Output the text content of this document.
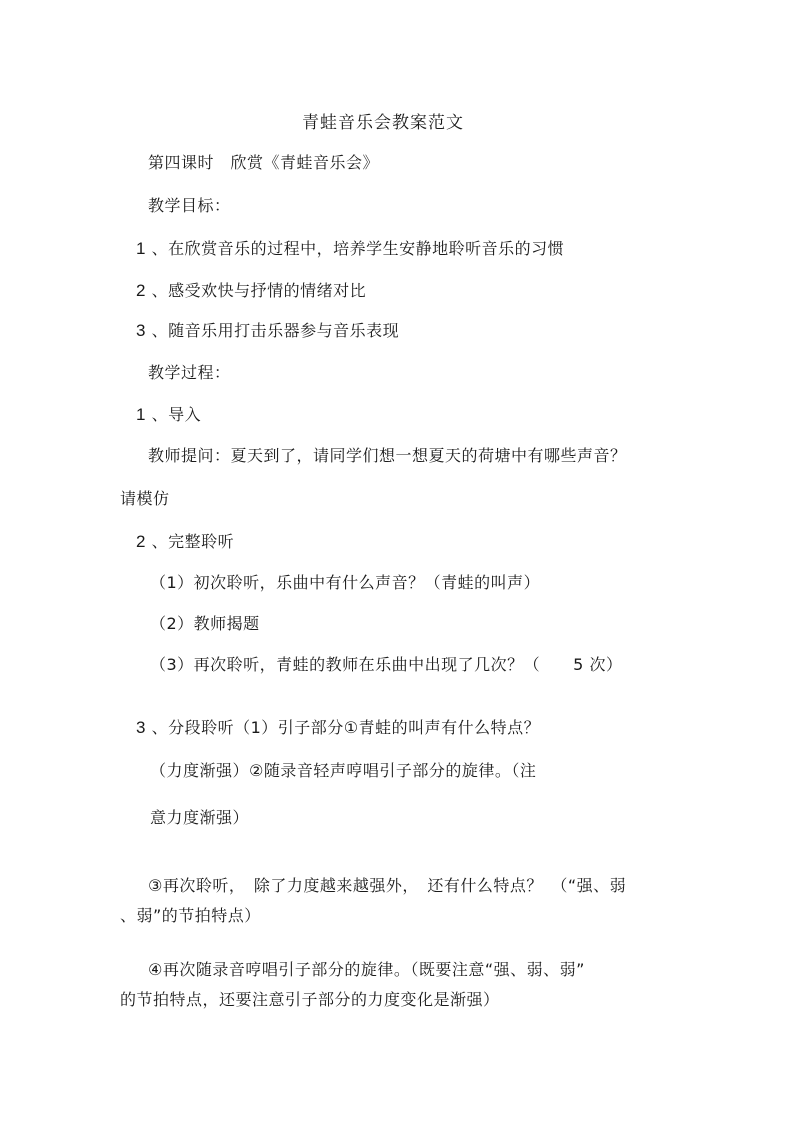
青蛙音乐会教案范文
第四课时　欣赏《青蛙音乐会》
教学目标：
1 、在欣赏音乐的过程中，培养学生安静地聆听音乐的习惯
2 、感受欢快与抒情的情绪对比
3 、随音乐用打击乐器参与音乐表现
教学过程：
1 、导入
教师提问：夏天到了，请同学们想一想夏天的荷塘中有哪些声音？
请模仿
2 、完整聆听
（1）初次聆听，乐曲中有什么声音？（青蛙的叫声）
（2）教师揭题
（3）再次聆听，青蛙的教师在乐曲中出现了几次？（　　5 次）
3 、分段聆听（1）引子部分①青蛙的叫声有什么特点？
（力度渐强）②随录音轻声哼唱引子部分的旋律。（注
意力度渐强）
③再次聆听，　除了力度越来越强外，　还有什么特点？　（“强、弱
、弱”的节拍特点）
④再次随录音哼唱引子部分的旋律。（既要注意“强、弱、弱”
的节拍特点，还要注意引子部分的力度变化是渐强）
